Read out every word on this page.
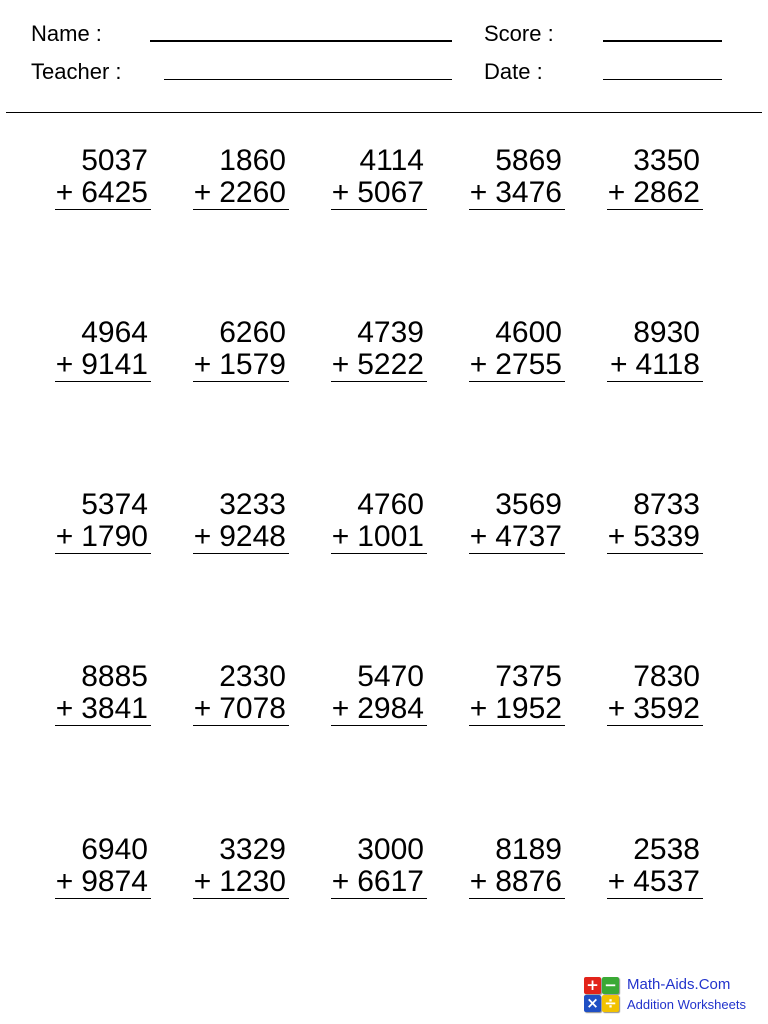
Name :
Teacher :
Score :
Date :
5037
+ 6425
1860
+ 2260
4114
+ 5067
5869
+ 3476
3350
+ 2862
4964
+ 9141
6260
+ 1579
4739
+ 5222
4600
+ 2755
8930
+ 4118
5374
+ 1790
3233
+ 9248
4760
+ 1001
3569
+ 4737
8733
+ 5339
8885
+ 3841
2330
+ 7078
5470
+ 2984
7375
+ 1952
7830
+ 3592
6940
+ 9874
3329
+ 1230
3000
+ 6617
8189
+ 8876
2538
+ 4537
+ −
× ÷
Math-Aids.Com
Addition Worksheets
